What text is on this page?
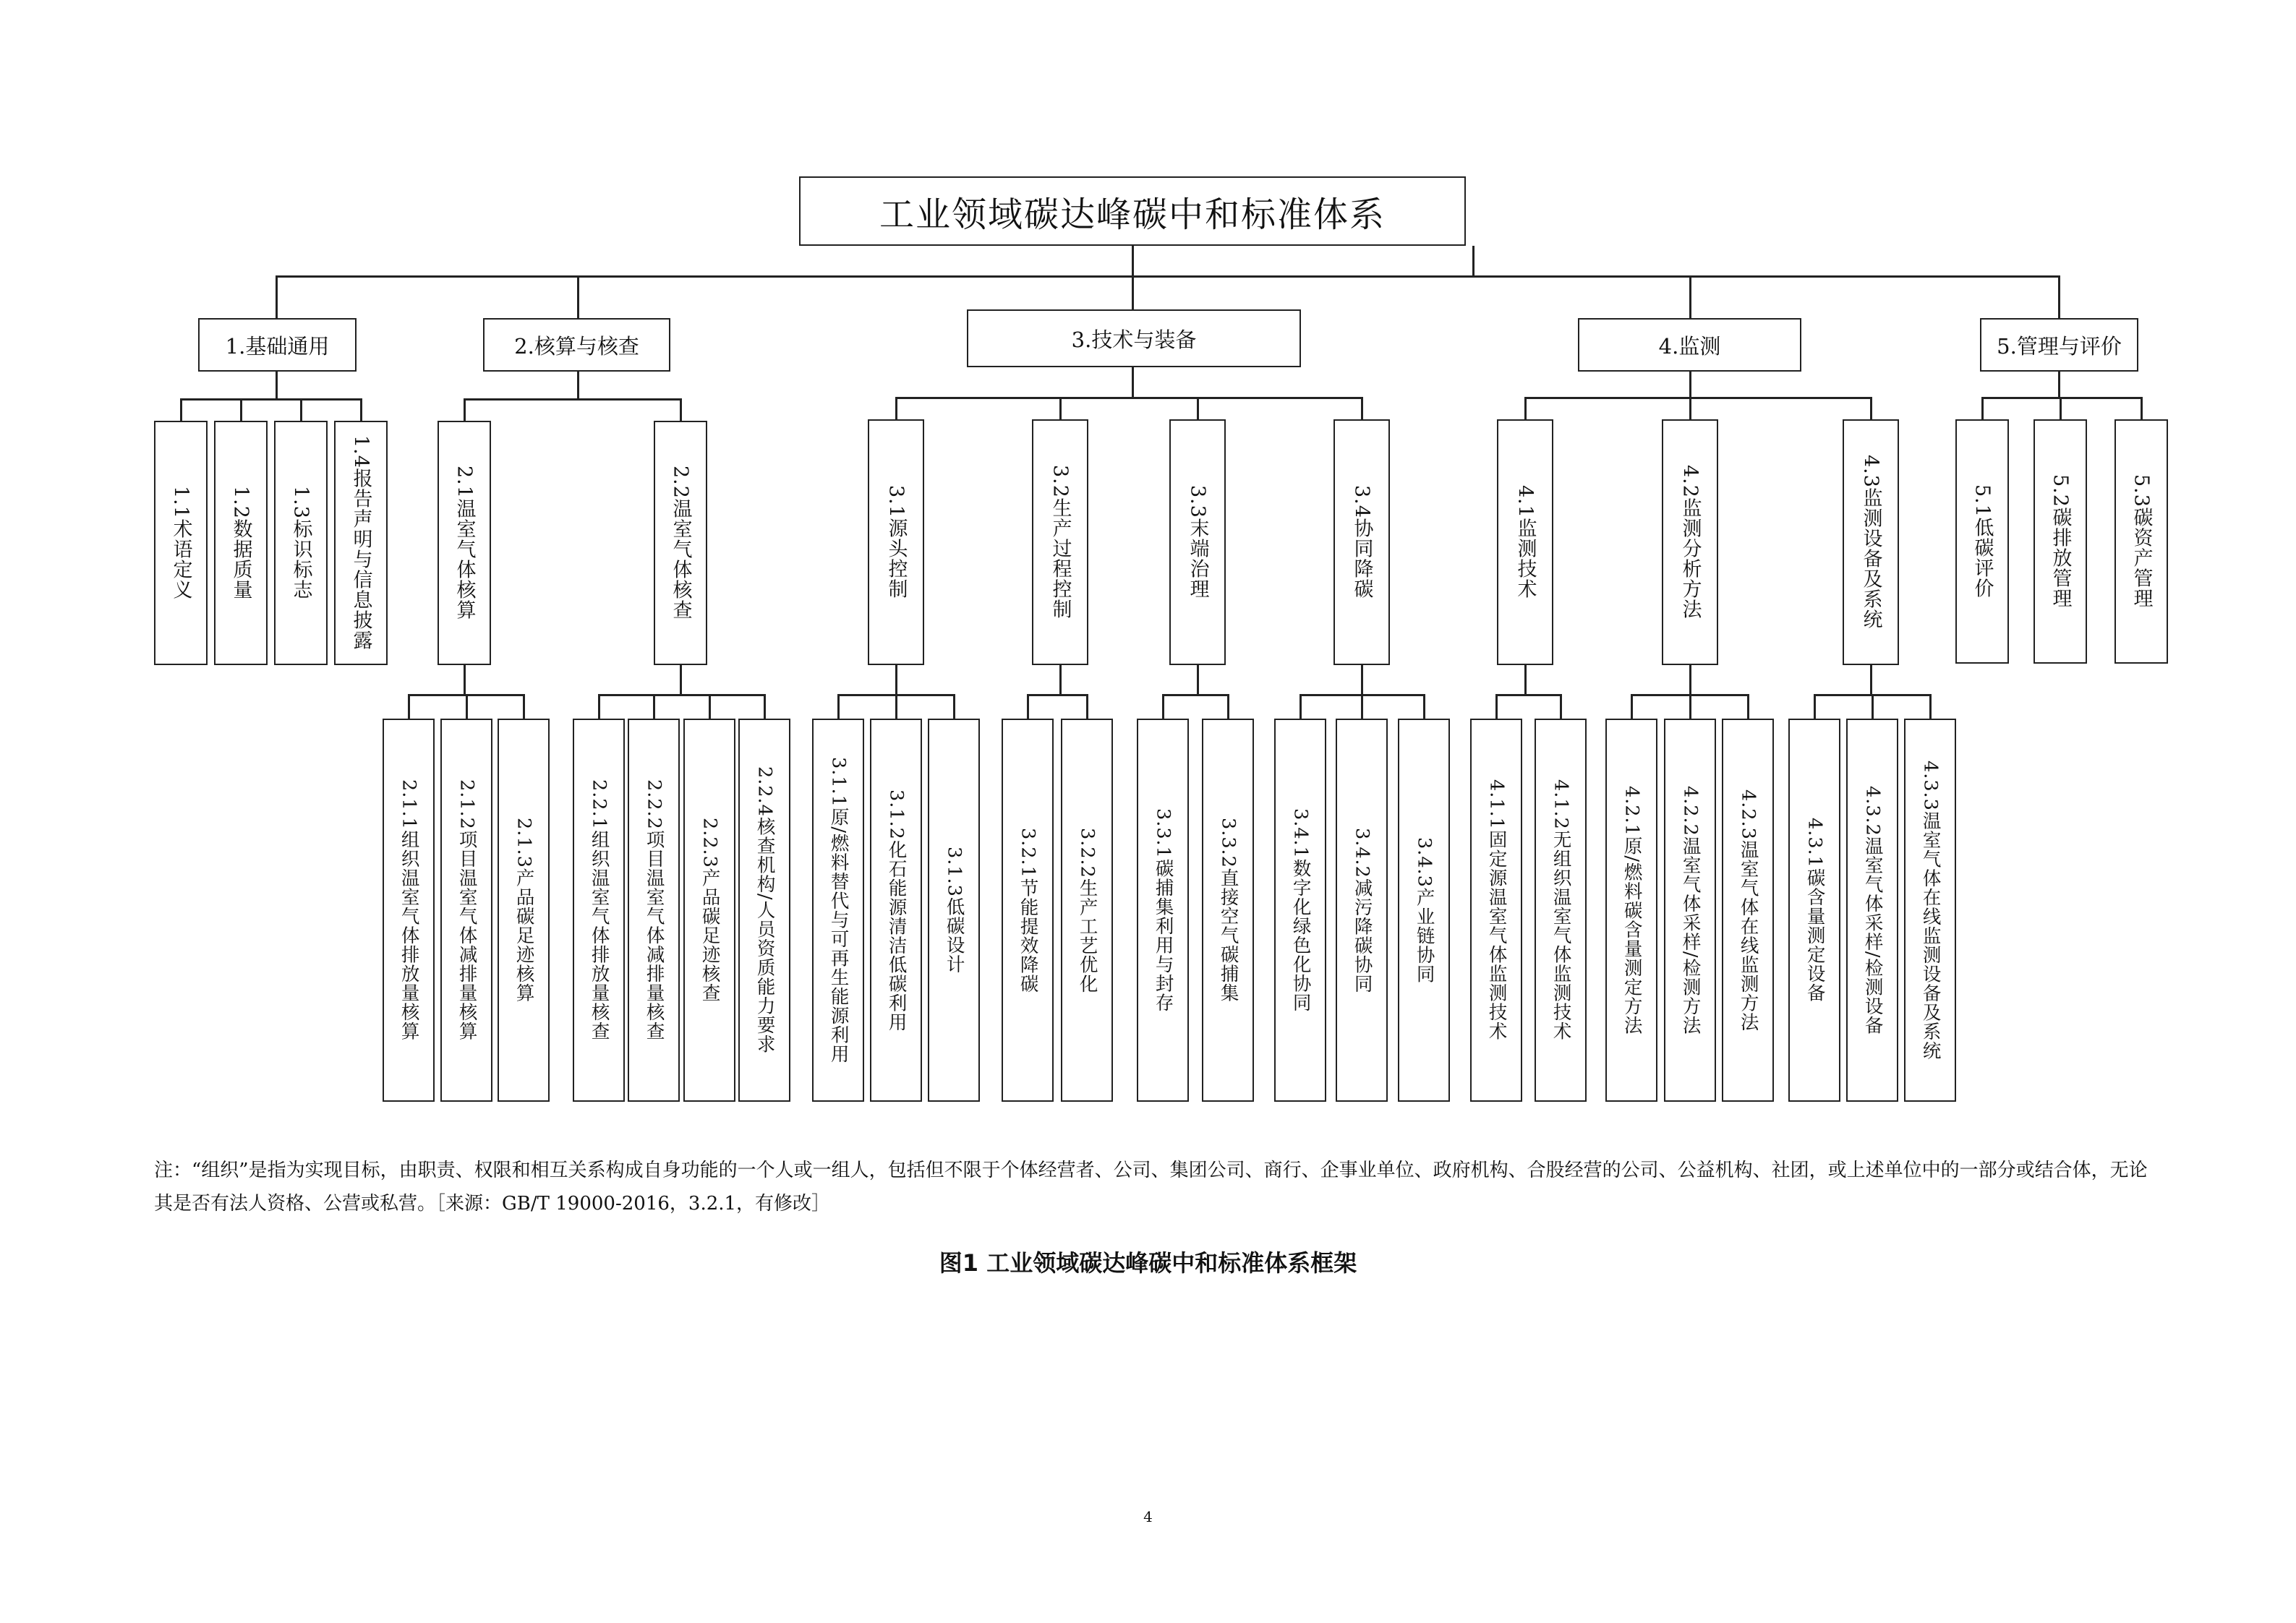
工业领域碳达峰碳中和标准体系
1.基础通用	2.核算与核查	3.技术与装备	4.监测	5.管理与评价
1.1术语定义 1.2数据质量 1.3标识标志 1.4报告声明与信息披露	2.1温室气体核算	2.2温室气体核查	3.1源头控制	3.2生产过程控制	3.3末端治理	3.4协同降碳	4.1监测技术	4.2监测分析方法	4.3监测设备及系统	5.1低碳评价	5.2碳排放管理	5.3碳资产管理
2.1.1组织温室气体排放量核算 2.1.2项目温室气体减排量核算 2.1.3产品碳足迹核算	2.2.1组织温室气体排放量核查 2.2.2项目温室气体减排量核查 2.2.3产品碳足迹核查 2.2.4核查机构/人员资质能力要求	3.1.1原/燃料替代与可再生能源利用 3.1.2化石能源清洁低碳利用 3.1.3低碳设计	3.2.1节能提效降碳 3.2.2生产工艺优化	3.3.1碳捕集利用与封存 3.3.2直接空气碳捕集	3.4.1数字化绿色化协同 3.4.2减污降碳协同 3.4.3产业链协同	4.1.1固定源温室气体监测技术 4.1.2无组织温室气体监测技术	4.2.1原/燃料碳含量测定方法 4.2.2温室气体采样/检测方法 4.2.3温室气体在线监测方法 4.3.1碳含量测定设备 4.3.2温室气体采样/检测设备 4.3.3温室气体在线监测设备及系统
注：“组织”是指为实现目标，由职责、权限和相互关系构成自身功能的一个人或一组人，包括但不限于个体经营者、公司、集团公司、商行、企事业单位、政府机构、合股经营的公司、公益机构、社团，或上述单位中的一部分或结合体，无论其是否有法人资格、公营或私营。［来源：GB/T 19000-2016，3.2.1，有修改］
图1 工业领域碳达峰碳中和标准体系框架
4
